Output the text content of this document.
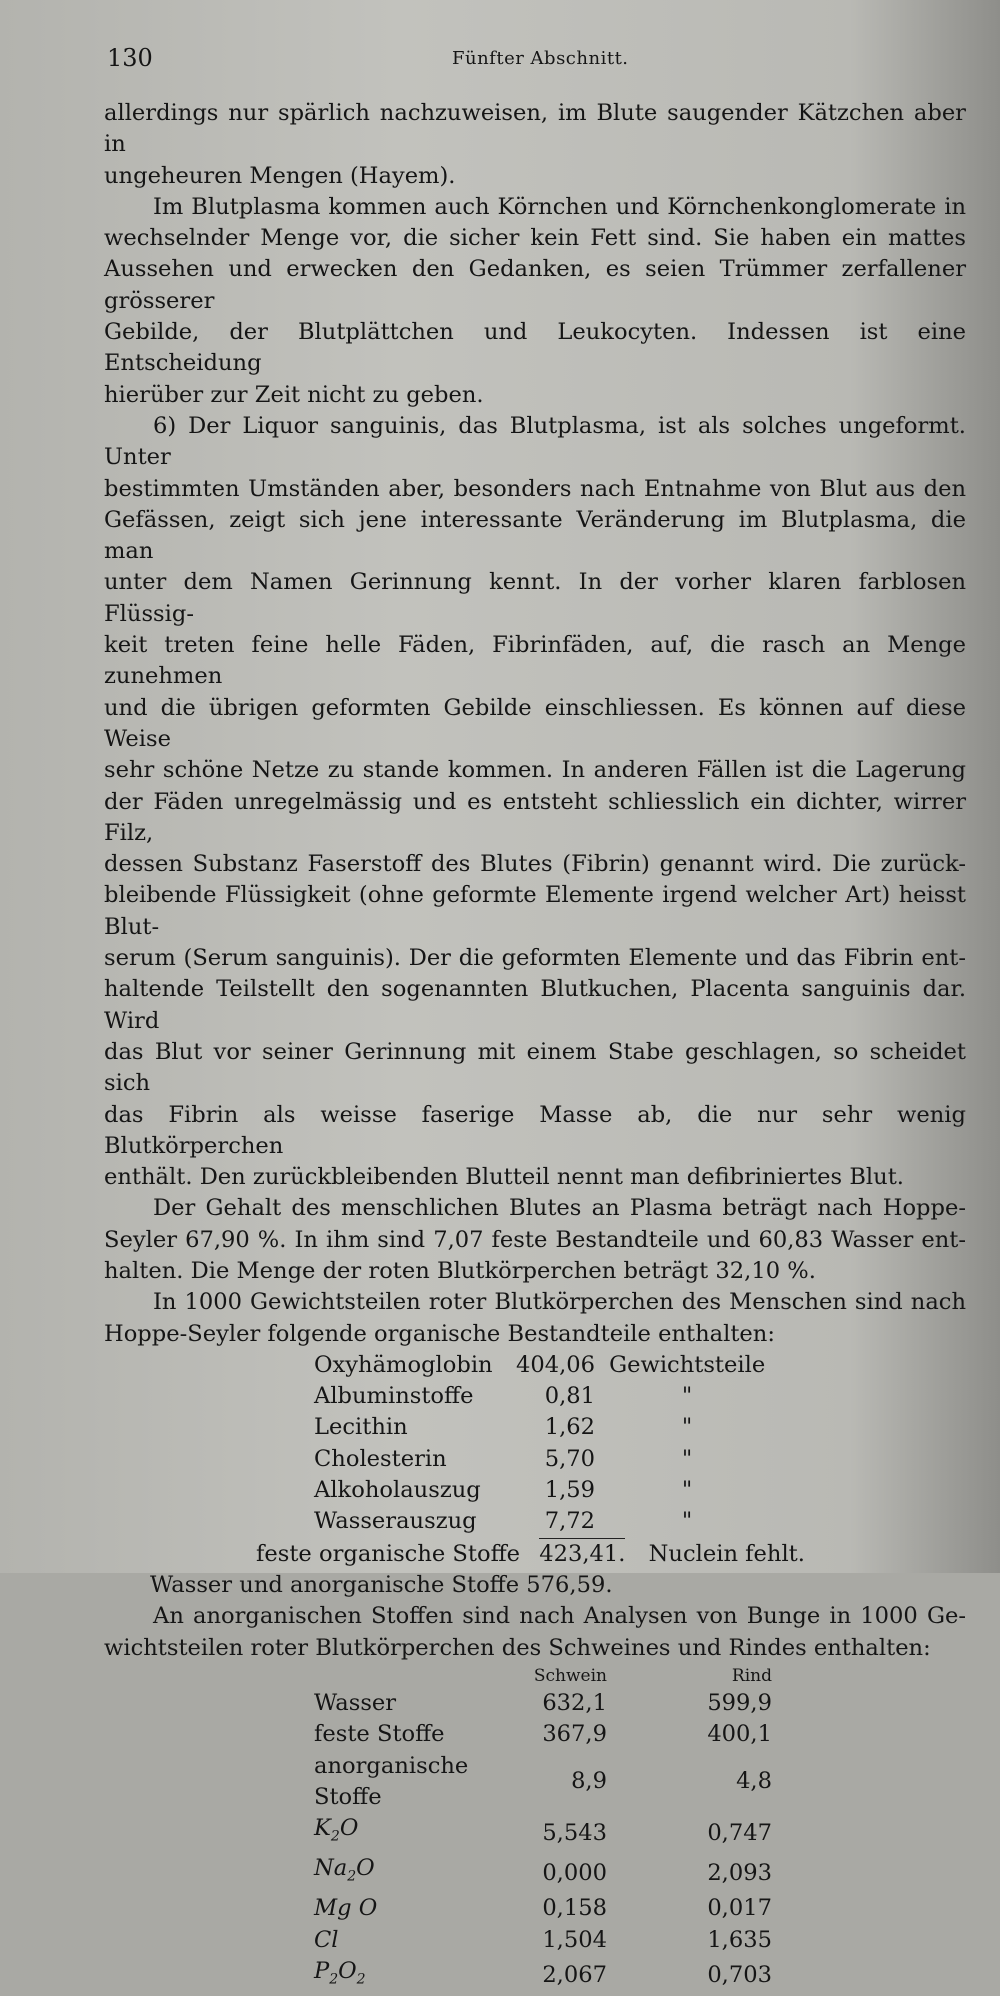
130	Fünfter Abschnitt.

allerdings nur spärlich nachzuweisen, im Blute saugender Kätzchen aber in

ungeheuren Mengen (Hayem).

Im Blutplasma kommen auch Körnchen und Körnchenkonglomerate in

wechselnder Menge vor, die sicher kein Fett sind. Sie haben ein mattes

Aussehen und erwecken den Gedanken, es seien Trümmer zerfallener grösserer

Gebilde, der Blutplättchen und Leukocyten. Indessen ist eine Entscheidung

hierüber zur Zeit nicht zu geben.

6) Der Liquor sanguinis, das Blutplasma, ist als solches ungeformt. Unter

bestimmten Umständen aber, besonders nach Entnahme von Blut aus den

Gefässen, zeigt sich jene interessante Veränderung im Blutplasma, die man

unter dem Namen Gerinnung kennt. In der vorher klaren farblosen Flüssig-

keit treten feine helle Fäden, Fibrinfäden, auf, die rasch an Menge zunehmen

und die übrigen geformten Gebilde einschliessen. Es können auf diese Weise

sehr schöne Netze zu stande kommen. In anderen Fällen ist die Lagerung

der Fäden unregelmässig und es entsteht schliesslich ein dichter, wirrer Filz,

dessen Substanz Faserstoff des Blutes (Fibrin) genannt wird. Die zurück-

bleibende Flüssigkeit (ohne geformte Elemente irgend welcher Art) heisst Blut-

serum (Serum sanguinis). Der die geformten Elemente und das Fibrin ent-

haltende Teilstellt den sogenannten Blutkuchen, Placenta sanguinis dar. Wird

das Blut vor seiner Gerinnung mit einem Stabe geschlagen, so scheidet sich

das Fibrin als weisse faserige Masse ab, die nur sehr wenig Blutkörperchen

enthält. Den zurückbleibenden Blutteil nennt man defibriniertes Blut.

Der Gehalt des menschlichen Blutes an Plasma beträgt nach Hoppe-

Seyler 67,90 %. In ihm sind 7,07 feste Bestandteile und 60,83 Wasser ent-

halten. Die Menge der roten Blutkörperchen beträgt 32,10 %.

In 1000 Gewichtsteilen roter Blutkörperchen des Menschen sind nach

Hoppe-Seyler folgende organische Bestandteile enthalten:

Oxyhämoglobin	404,06	Gewichtsteile
Albuminstoffe	0,81	"
Lecithin	1,62	"
Cholesterin	5,70	"
Alkoholauszug	1,59	"
Wasserauszug	7,72	"
feste organische Stoffe 423,41. Nuclein fehlt.
Wasser und anorganische Stoffe 576,59.

An anorganischen Stoffen sind nach Analysen von Bunge in 1000 Ge-

wichtsteilen roter Blutkörperchen des Schweines und Rindes enthalten:

	Schwein	Rind
Wasser	632,1	599,9
feste Stoffe	367,9	400,1
anorganische Stoffe	8,9	4,8
$K_2O$	5,543	0,747
$Na_2O$	0,000	2,093
Mg O	0,158	0,017
Cl	1,504	1,635
$P_2O_2$	2,067	0,703
